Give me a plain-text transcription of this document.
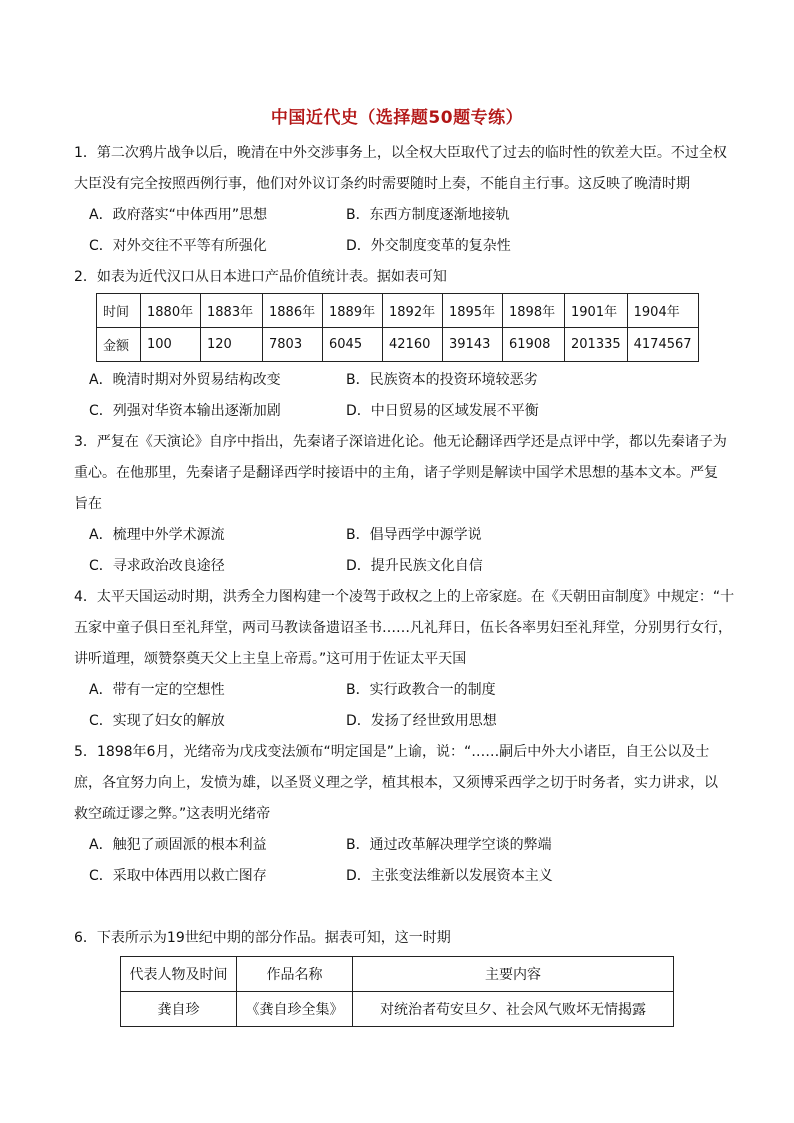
中国近代史（选择题50题专练）
1．第二次鸦片战争以后，晚清在中外交涉事务上，以全权大臣取代了过去的临时性的钦差大臣。不过全权
大臣没有完全按照西例行事，他们对外议订条约时需要随时上奏，不能自主行事。这反映了晚清时期
A．政府落实“中体西用”思想	B．东西方制度逐渐地接轨
C．对外交往不平等有所强化	D．外交制度变革的复杂性
2．如表为近代汉口从日本进口产品价值统计表。据如表可知
时间	1880年	1883年	1886年	1889年	1892年	1895年	1898年	1901年	1904年
金额	100	120	7803	6045	42160	39143	61908	201335	4174567
A．晚清时期对外贸易结构改变	B．民族资本的投资环境较恶劣
C．列强对华资本输出逐渐加剧	D．中日贸易的区域发展不平衡
3．严复在《天演论》自序中指出，先秦诸子深谙进化论。他无论翻译西学还是点评中学，都以先秦诸子为
重心。在他那里，先秦诸子是翻译西学时接语中的主角，诸子学则是解读中国学术思想的基本文本。严复
旨在
A．梳理中外学术源流	B．倡导西学中源学说
C．寻求政治改良途径	D．提升民族文化自信
4．太平天国运动时期，洪秀全力图构建一个凌驾于政权之上的上帝家庭。在《天朝田亩制度》中规定：“十
五家中童子俱日至礼拜堂，两司马教读备遗诏圣书……凡礼拜日，伍长各率男妇至礼拜堂，分别男行女行，
讲听道理，颂赞祭奠天父上主皇上帝焉。”这可用于佐证太平天国
A．带有一定的空想性	B．实行政教合一的制度
C．实现了妇女的解放	D．发扬了经世致用思想
5．1898年6月，光绪帝为戊戌变法颁布“明定国是”上谕，说：“……嗣后中外大小诸臣，自王公以及士
庶，各宜努力向上，发愤为雄，以圣贤义理之学，植其根本，又须博采西学之切于时务者，实力讲求，以
救空疏迂谬之弊。”这表明光绪帝
A．触犯了顽固派的根本利益	B．通过改革解决理学空谈的弊端
C．采取中体西用以救亡图存	D．主张变法维新以发展资本主义
6．下表所示为19世纪中期的部分作品。据表可知，这一时期
代表人物及时间	作品名称	主要内容
龚自珍	《龚自珍全集》	对统治者苟安旦夕、社会风气败坏无情揭露
